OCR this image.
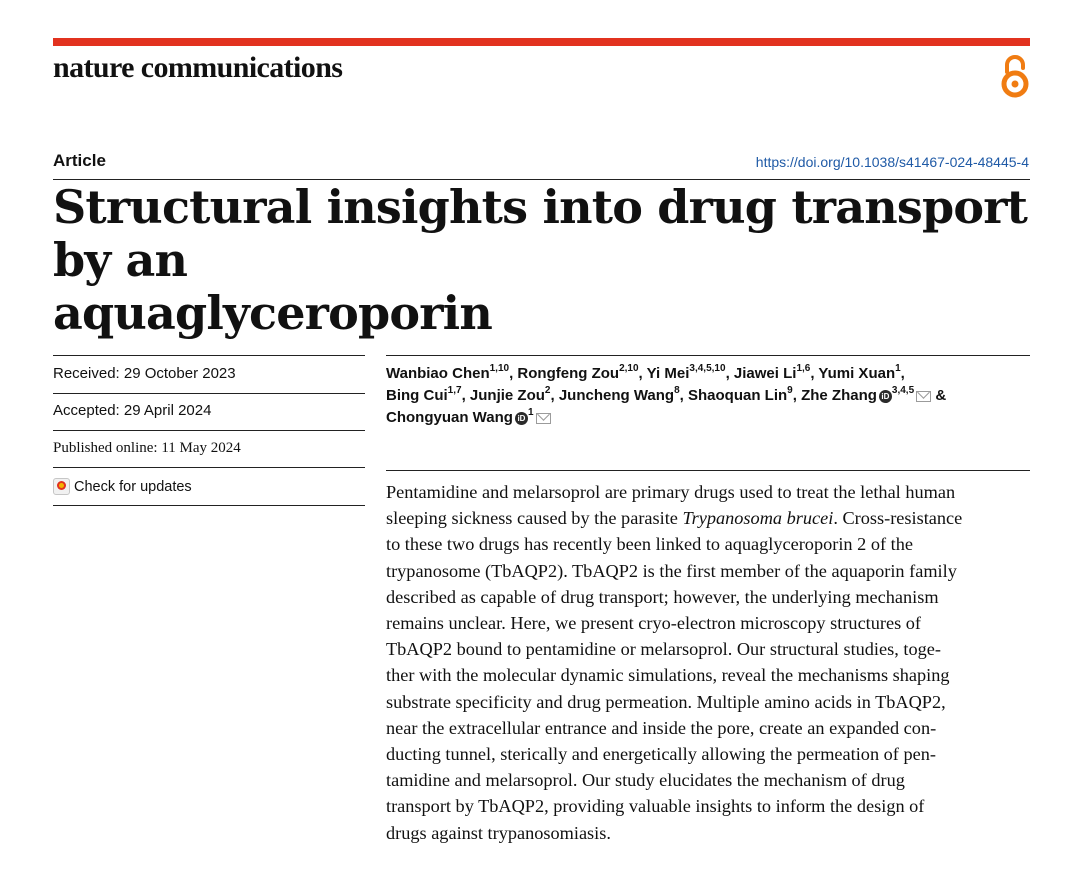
nature communications
Article	https://doi.org/10.1038/s41467-024-48445-4
Structural insights into drug transport by an
aquaglyceroporin
Received: 29 October 2023
Accepted: 29 April 2024
Published online: 11 May 2024
Check for updates
Wanbiao Chen$^{1,10}$, Rongfeng Zou$^{2,10}$, Yi Mei$^{3,4,5,10}$, Jiawei Li$^{1,6}$, Yumi Xuan$^1$,
Bing Cui$^{1,7}$, Junjie Zou$^2$, Juncheng Wang$^8$, Shaoquan Lin$^9$, Zhe Zhang iD$^{3,4,5}$ &
Chongyuan Wang $iD^1$
Pentamidine and melarsoprol are primary drugs used to treat the lethal human
sleeping sickness caused by the parasite Trypanosoma brucei. Cross-resistance
to these two drugs has recently been linked to aquaglyceroporin 2 of the
trypanosome (TbAQP2). TbAQP2 is the first member of the aquaporin family
described as capable of drug transport; however, the underlying mechanism
remains unclear. Here, we present cryo-electron microscopy structures of
TbAQP2 bound to pentamidine or melarsoprol. Our structural studies, toge-
ther with the molecular dynamic simulations, reveal the mechanisms shaping
substrate specificity and drug permeation. Multiple amino acids in TbAQP2,
near the extracellular entrance and inside the pore, create an expanded con-
ducting tunnel, sterically and energetically allowing the permeation of pen-
tamidine and melarsoprol. Our study elucidates the mechanism of drug
transport by TbAQP2, providing valuable insights to inform the design of
drugs against trypanosomiasis.
